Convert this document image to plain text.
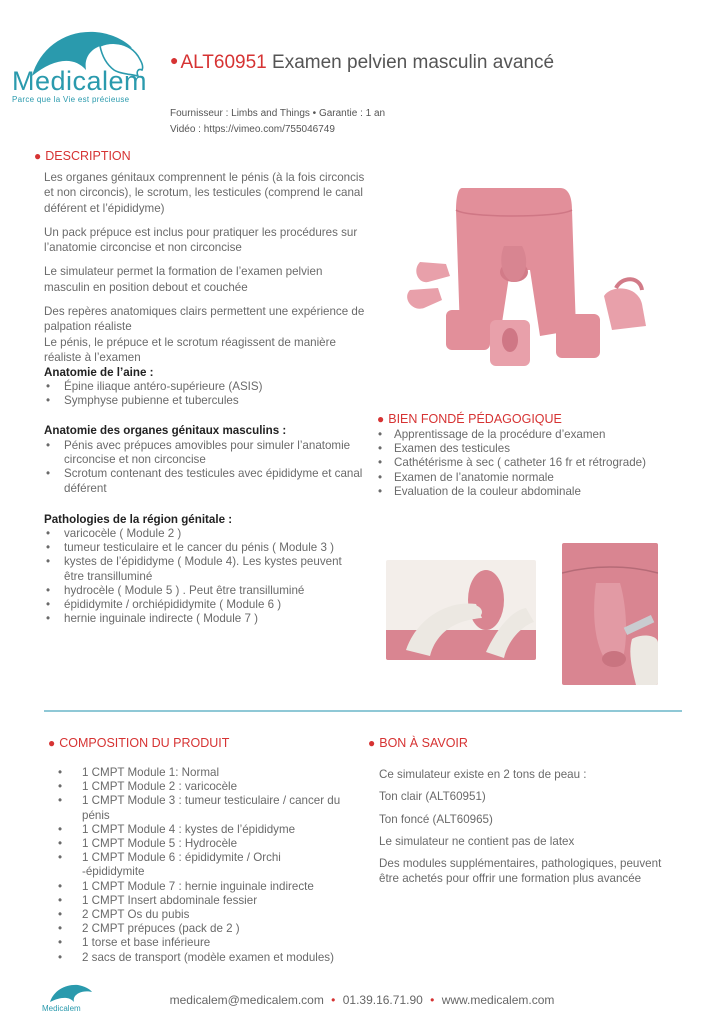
Medicalem
Parce que la Vie est précieuse
● ALT60951 Examen pelvien masculin avancé
Fournisseur : Limbs and Things • Garantie : 1 an
Vidéo : https://vimeo.com/755046749
● DESCRIPTION

Les organes génitaux comprennent le pénis (à la fois circoncis et non circoncis), le scrotum, les testicules (comprend le canal déférent et l’épididyme)

Un pack prépuce est inclus pour pratiquer les procédures sur l’anatomie circoncise et non circoncise

Le simulateur permet la formation de l’examen pelvien masculin en position debout et couchée

Des repères anatomiques clairs permettent une expérience de palpation réaliste

Le pénis, le prépuce et le scrotum réagissent de manière réaliste à l’examen

Anatomie de l’aine :
• Épine iliaque antéro-supérieure (ASIS)
• Symphyse pubienne et tubercules
Anatomie des organes génitaux masculins :
• Pénis avec prépuces amovibles pour simuler l’anatomie circoncise et non circoncise
• Scrotum contenant des testicules avec épididyme et canal déférent
Pathologies de la région génitale :
• varicocèle ( Module 2 )
• tumeur testiculaire et le cancer du pénis ( Module 3 )
• kystes de l’épididyme ( Module 4). Les kystes peuvent être transilluminé
• hydrocèle ( Module 5 ) . Peut être transilluminé
• épididymite / orchiépididymite ( Module 6 )
• hernie inguinale indirecte ( Module 7 )
● BIEN FONDÉ PÉDAGOGIQUE
• Apprentissage de la procédure d’examen
• Examen des testicules
• Cathétérisme à sec ( catheter 16 fr et rétrograde)
• Examen de l’anatomie normale
• Evaluation de la couleur abdominale
● COMPOSITION DU PRODUIT
• 1 CMPT Module 1: Normal
• 1 CMPT Module 2 : varicocèle
• 1 CMPT Module 3 : tumeur testiculaire / cancer du pénis
• 1 CMPT Module 4 : kystes de l’épididyme
• 1 CMPT Module 5 : Hydrocèle
• 1 CMPT Module 6 : épididymite / Orchi -épididymite
• 1 CMPT Module 7 : hernie inguinale indirecte
• 1 CMPT Insert abdominale fessier
• 2 CMPT Os du pubis
• 2 CMPT prépuces (pack de 2 )
• 1 torse et base inférieure
• 2 sacs de transport (modèle examen et modules)
● BON À SAVOIR

Ce simulateur existe en 2 tons de peau :

Ton clair (ALT60951)

Ton foncé (ALT60965)

Le simulateur ne contient pas de latex

Des modules supplémentaires, pathologiques, peuvent être achetés pour offrir une formation plus avancée

Medicalem
medicalem@medicalem.com • 01.39.16.71.90 • www.medicalem.com
